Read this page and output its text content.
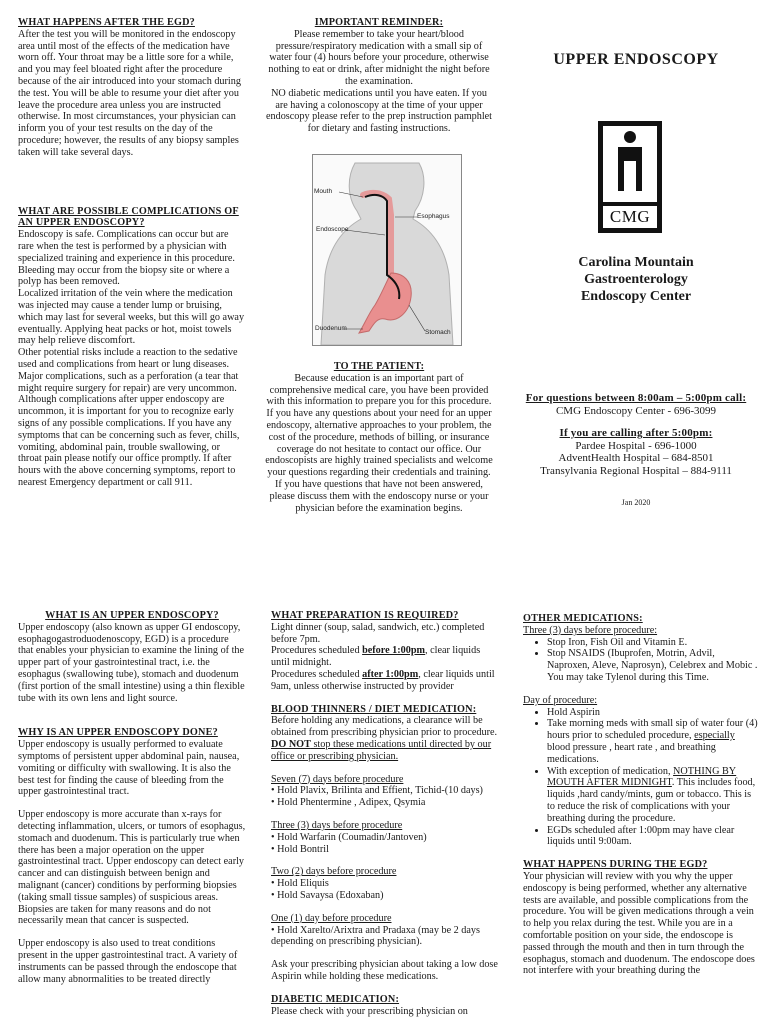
WHAT HAPPENS AFTER THE EGD?

After the test you will be monitored in the endoscopy area until most of the effects of the medication have worn off. Your throat may be a little sore for a while, and you may feel bloated right after the procedure because of the air introduced into your stomach during the test. You will be able to resume your diet after you leave the procedure area unless you are instructed otherwise. In most circumstances, your physician can inform you of your test results on the day of the procedure; however, the results of any biopsy samples taken will take several days.

WHAT ARE POSSIBLE COMPLICATIONS OF AN UPPER ENDOSCOPY?

Endoscopy is safe. Complications can occur but are rare when the test is performed by a physician with specialized training and experience in this procedure. Bleeding may occur from the biopsy site or where a polyp has been removed.

Localized irritation of the vein where the medication was injected may cause a tender lump or bruising, which may last for several weeks, but this will go away eventually. Applying heat packs or hot, moist towels may help relieve discomfort.

Other potential risks include a reaction to the sedative used and complications from heart or lung diseases. Major complications, such as a perforation (a tear that might require surgery for repair) are very uncommon.

Although complications after upper endoscopy are uncommon, it is important for you to recognize early signs of any possible complications. If you have any symptoms that can be concerning such as fever, chills, vomiting, abdominal pain, trouble swallowing, or throat pain please notify our office promptly. If after hours with the above concerning symptoms, report to nearest Emergency department or call 911.

IMPORTANT REMINDER:

Please remember to take your heart/blood pressure/respiratory medication with a small sip of water four (4) hours before your procedure, otherwise nothing to eat or drink, after midnight the night before the examination.

NO diabetic medications until you have eaten. If you are having a colonoscopy at the time of your upper endoscopy please refer to the prep instruction pamphlet for dietary and fasting instructions.

Mouth
Esophagus
Endoscope
Duodenum
Stomach

TO THE PATIENT:

Because education is an important part of comprehensive medical care, you have been provided with this information to prepare you for this procedure. If you have any questions about your need for an upper endoscopy, alternative approaches to your problem, the cost of the procedure, methods of billing, or insurance coverage do not hesitate to contact our office. Our endoscopists are highly trained specialists and welcome your questions regarding their credentials and training. If you have questions that have not been answered, please discuss them with the endoscopy nurse or your physician before the examination begins.

UPPER ENDOSCOPY
CMG
Carolina Mountain
Gastroenterology
Endoscopy Center
For questions between 8:00am – 5:00pm call:
CMG Endoscopy Center - 696-3099
If you are calling after 5:00pm:
Pardee Hospital - 696-1000
AdventHealth Hospital – 684-8501
Transylvania Regional Hospital – 884-9111
Jan 2020

WHAT IS AN UPPER ENDOSCOPY?

Upper endoscopy (also known as upper GI endoscopy, esophagogastroduodenoscopy, EGD) is a procedure that enables your physician to examine the lining of the upper part of your gastrointestinal tract, i.e. the esophagus (swallowing tube), stomach and duodenum (first portion of the small intestine) using a thin flexible tube with its own lens and light source.

WHY IS AN UPPER ENDOSCOPY DONE?

Upper endoscopy is usually performed to evaluate symptoms of persistent upper abdominal pain, nausea, vomiting or difficulty with swallowing. It is also the best test for finding the cause of bleeding from the upper gastrointestinal tract.

Upper endoscopy is more accurate than x-rays for detecting inflammation, ulcers, or tumors of esophagus, stomach and duodenum. This is particularly true when there has been a major operation on the upper gastrointestinal tract. Upper endoscopy can detect early cancer and can distinguish between benign and malignant (cancer) conditions by performing biopsies (taking small tissue samples) of suspicious areas. Biopsies are taken for many reasons and do not necessarily mean that cancer is suspected.

Upper endoscopy is also used to treat conditions present in the upper gastrointestinal tract. A variety of instruments can be passed through the endoscope that allow many abnormalities to be treated directly

WHAT PREPARATION IS REQUIRED?

Light dinner (soup, salad, sandwich, etc.) completed before 7pm.

Procedures scheduled before 1:00pm, clear liquids until midnight.

Procedures scheduled after 1:00pm, clear liquids until 9am, unless otherwise instructed by provider

BLOOD THINNERS / DIET MEDICATION:

Before holding any medications, a clearance will be obtained from prescribing physician prior to procedure. DO NOT stop these medications until directed by our office or prescribing physician.

Seven (7) days before procedure

• Hold Plavix, Brilinta and Effient, Tichid-(10 days)

• Hold Phentermine , Adipex, Qsymia

Three (3) days before procedure

• Hold Warfarin (Coumadin/Jantoven)

• Hold Bontril

Two (2) days before procedure

• Hold Eliquis

• Hold Savaysa (Edoxaban)

One (1) day before procedure

• Hold Xarelto/Arixtra and Pradaxa (may be 2 days depending on prescribing physician).

Ask your prescribing physician about taking a low dose Aspirin while holding these medications.

DIABETIC MEDICATION:

Please check with your prescribing physician on

OTHER MEDICATIONS:

Three (3) days before procedure:

• Stop Iron, Fish Oil and Vitamin E.
• Stop NSAIDS (Ibuprofen, Motrin, Advil, Naproxen, Aleve, Naprosyn), Celebrex and Mobic . You may take Tylenol during this Time.

Day of procedure:

• Hold Aspirin
• Take morning meds with small sip of water four (4) hours prior to scheduled procedure, especially blood pressure , heart rate , and breathing medications.
• With exception of medication, NOTHING BY MOUTH AFTER MIDNIGHT. This includes food, liquids ,hard candy/mints, gum or tobacco. This is to reduce the risk of complications with your breathing during the procedure.
• EGDs scheduled after 1:00pm may have clear liquids until 9:00am.

WHAT HAPPENS DURING THE EGD?

Your physician will review with you why the upper endoscopy is being performed, whether any alternative tests are available, and possible complications from the procedure. You will be given medications through a vein to help you relax during the test. While you are in a comfortable position on your side, the endoscope is passed through the mouth and then in turn through the esophagus, stomach and duodenum. The endoscope does not interfere with your breathing during the
